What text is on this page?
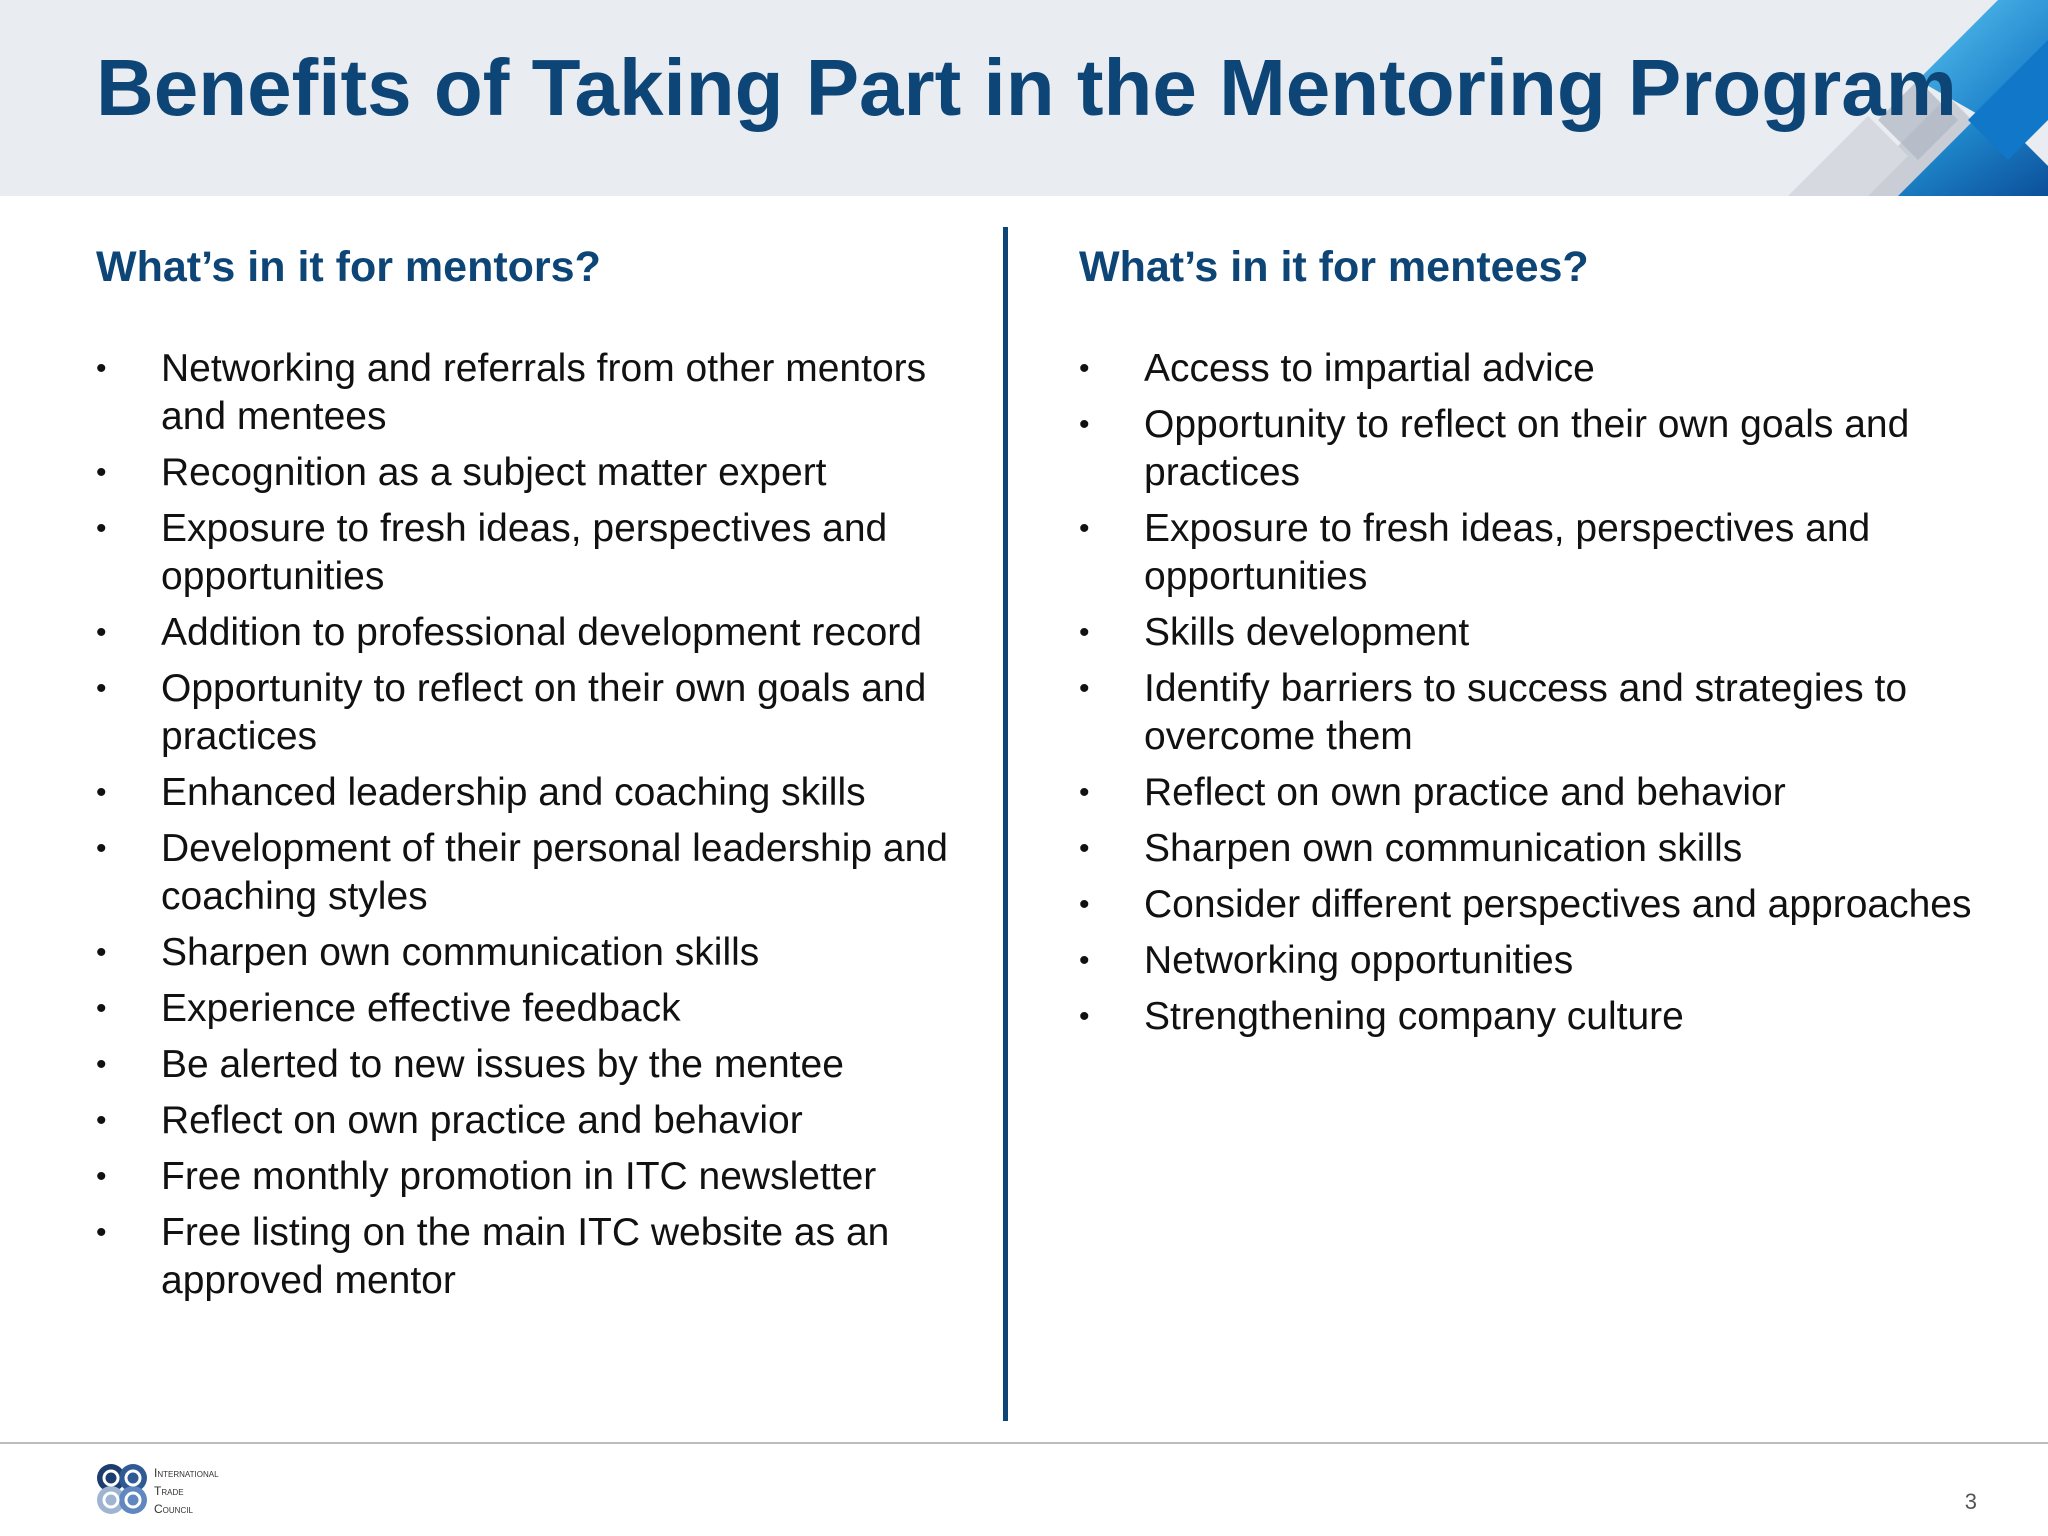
Benefits of Taking Part in the Mentoring Program
What’s in it for mentors?
• Networking and referrals from other mentors and mentees
• Recognition as a subject matter expert
• Exposure to fresh ideas, perspectives and opportunities
• Addition to professional development record
• Opportunity to reflect on their own goals and practices
• Enhanced leadership and coaching skills
• Development of their personal leadership and coaching styles
• Sharpen own communication skills
• Experience effective feedback
• Be alerted to new issues by the mentee
• Reflect on own practice and behavior
• Free monthly promotion in ITC newsletter
• Free listing on the main ITC website as an approved mentor
What’s in it for mentees?
• Access to impartial advice
• Opportunity to reflect on their own goals and practices
• Exposure to fresh ideas, perspectives and opportunities
• Skills development
• Identify barriers to success and strategies to overcome them
• Reflect on own practice and behavior
• Sharpen own communication skills
• Consider different perspectives and approaches
• Networking opportunities
• Strengthening company culture
International
Trade
Council	3
